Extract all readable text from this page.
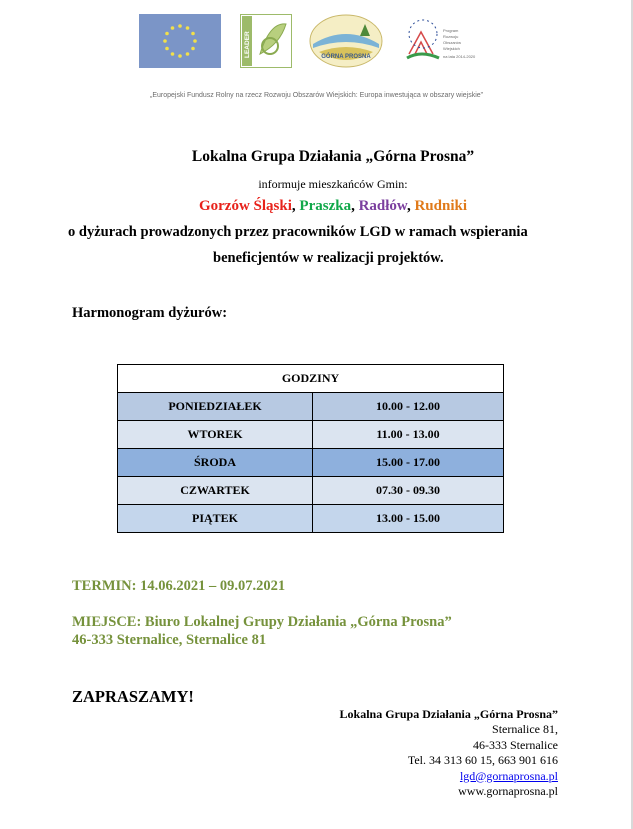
LEADER	GÓRNA PROSNA
Program Rozwoju Obszarów Wiejskich na lata 2014-2020
„Europejski Fundusz Rolny na rzecz Rozwoju Obszarów Wiejskich: Europa inwestująca w obszary wiejskie”
Lokalna Grupa Działania „Górna Prosna”
informuje mieszkańców Gmin:
Gorzów Śląski, Praszka, Radłów, Rudniki
o dyżurach prowadzonych przez pracowników LGD w ramach wspierania
beneficjentów w realizacji projektów.
Harmonogram dyżurów:
GODZINY	
PONIEDZIAŁEK	10.00 - 12.00
WTOREK	11.00 - 13.00
ŚRODA	15.00 - 17.00
CZWARTEK	07.30 - 09.30
PIĄTEK	13.00 - 15.00
TERMIN: 14.06.2021 – 09.07.2021
MIEJSCE: Biuro Lokalnej Grupy Działania „Górna Prosna”
46-333 Sternalice, Sternalice 81
ZAPRASZAMY!
Lokalna Grupa Działania „Górna Prosna”
Sternalice 81,
46-333 Sternalice
Tel. 34 313 60 15, 663 901 616
lgd@gornaprosna.pl
www.gornaprosna.pl
